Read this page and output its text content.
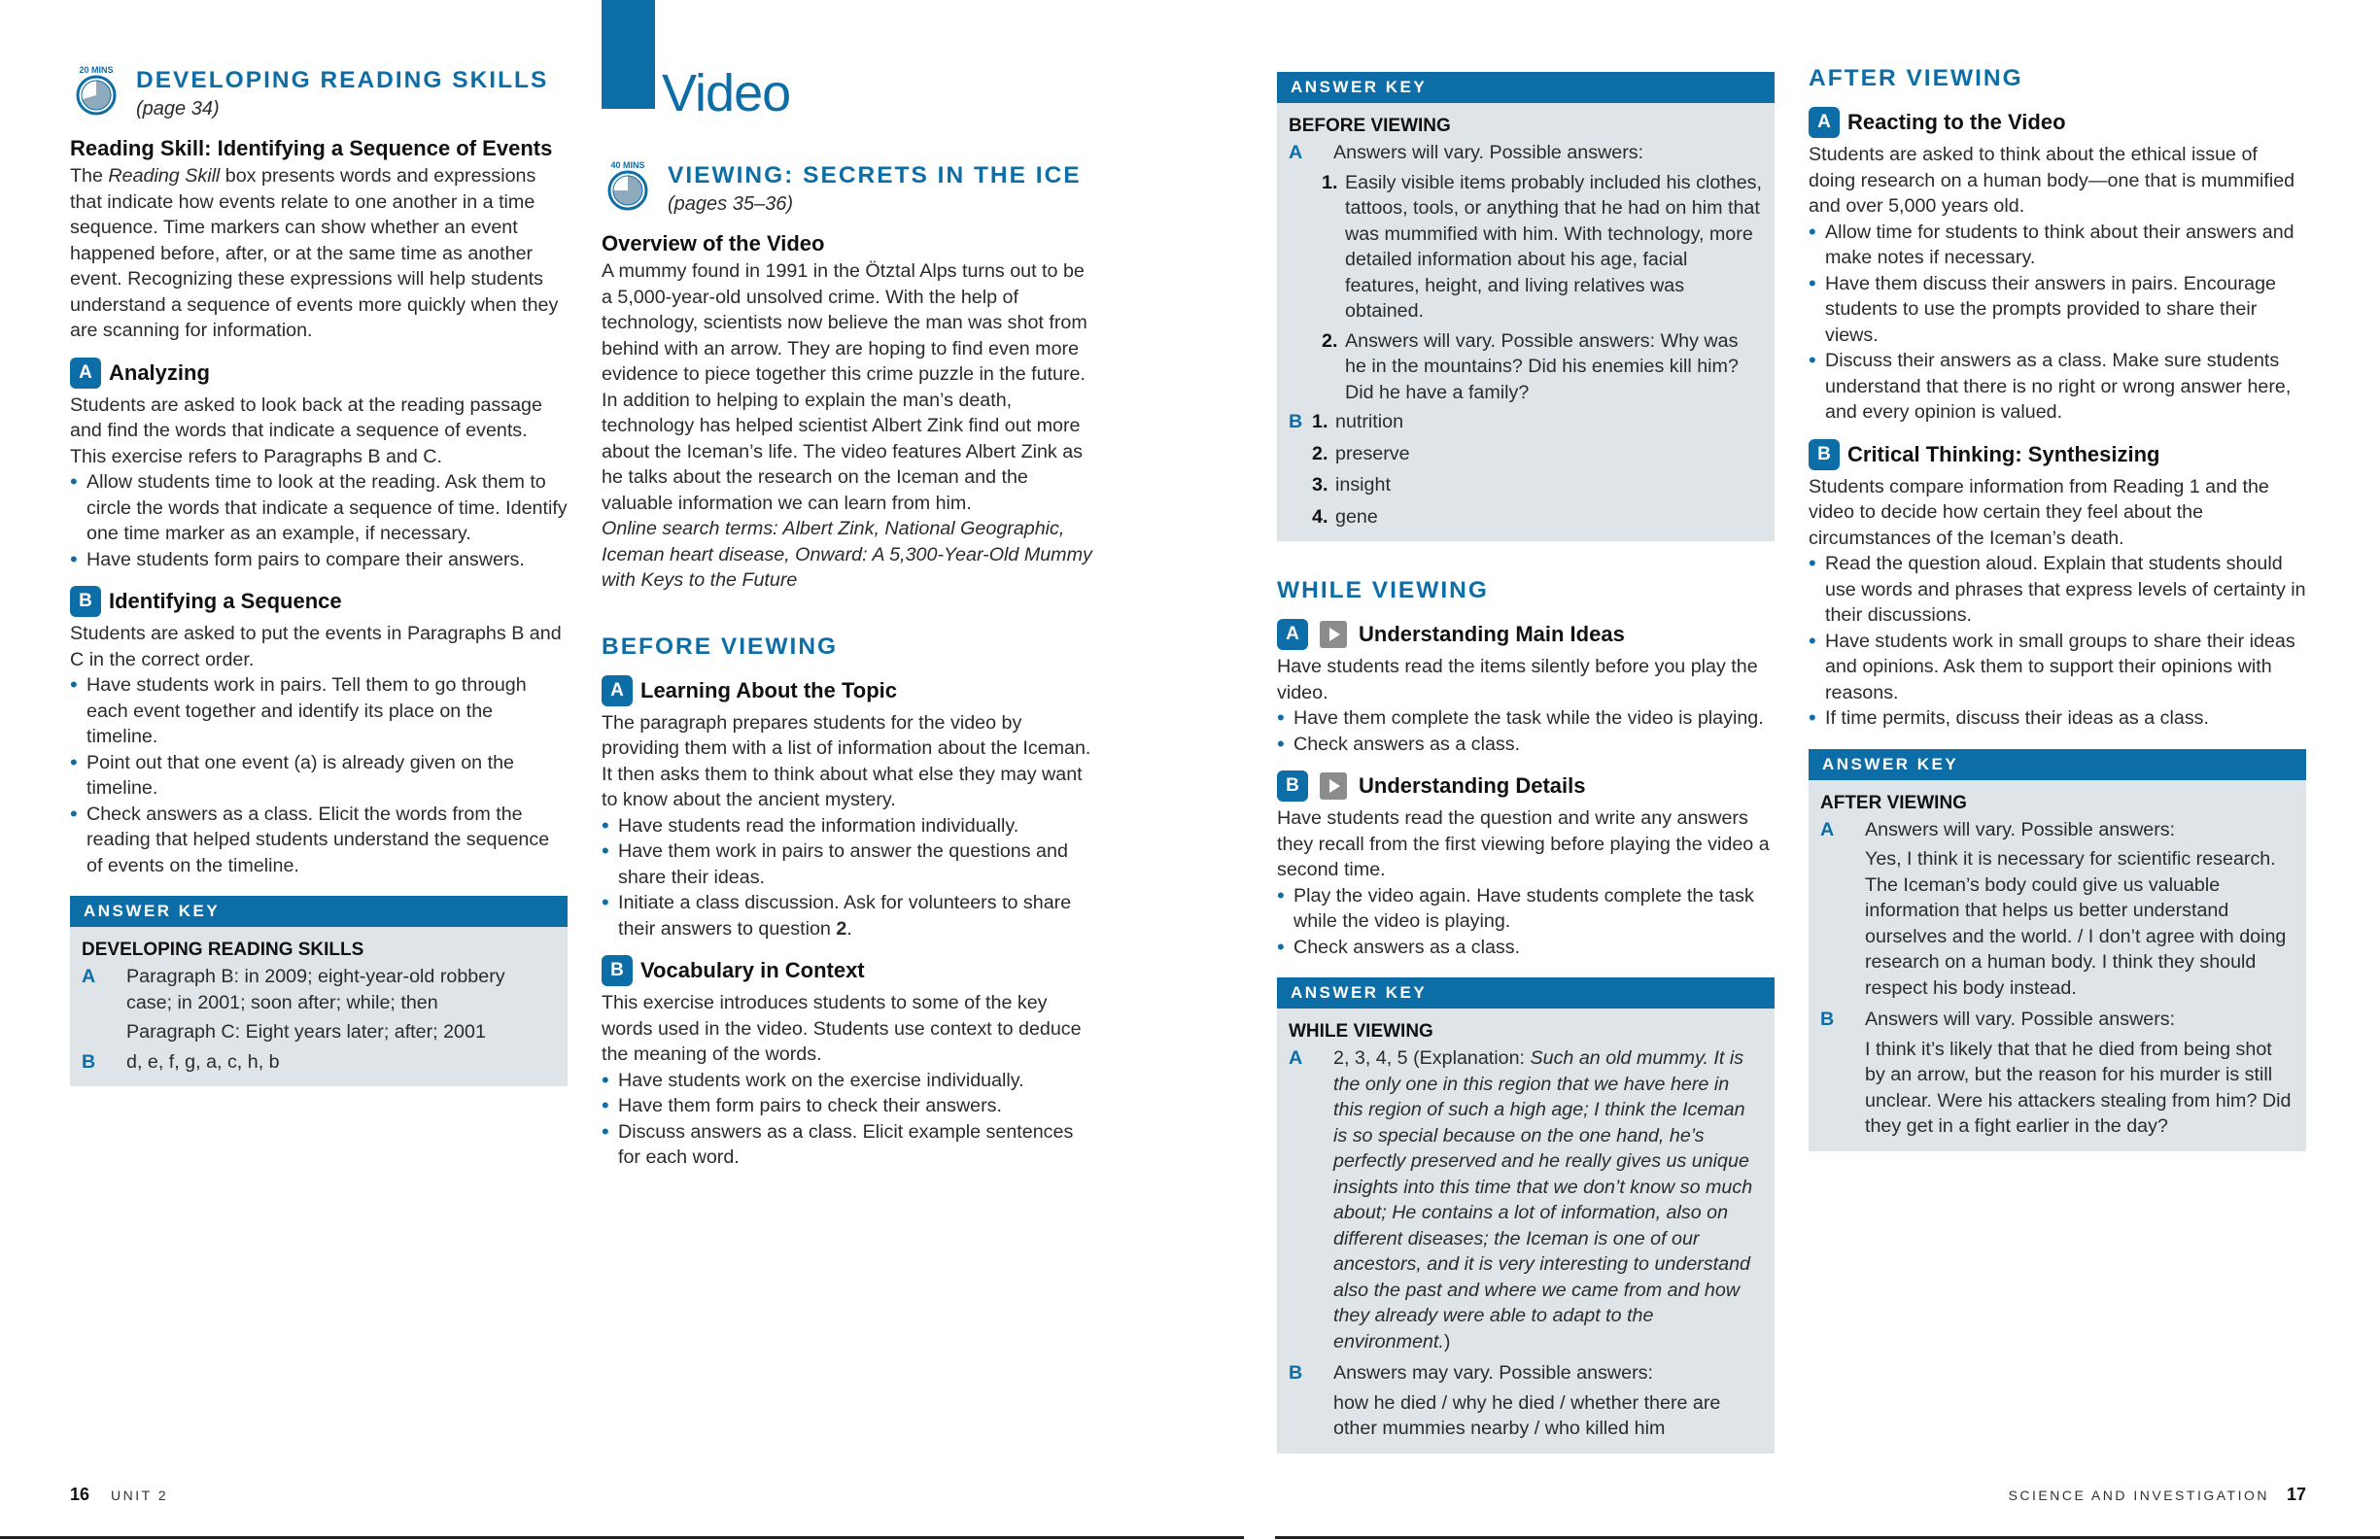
20 MINS DEVELOPING READING SKILLS
(page 34)
Reading Skill: Identifying a Sequence of Events

The Reading Skill box presents words and expressions that indicate how events relate to one another in a time sequence. Time markers can show whether an event happened before, after, or at the same time as another event. Recognizing these expressions will help students understand a sequence of events more quickly when they are scanning for information.

A Analyzing

Students are asked to look back at the reading passage and find the words that indicate a sequence of events. This exercise refers to Paragraphs B and C.

• Allow students time to look at the reading. Ask them to circle the words that indicate a sequence of time. Identify one time marker as an example, if necessary.
• Have students form pairs to compare their answers.
B Identifying a Sequence

Students are asked to put the events in Paragraphs B and C in the correct order.

• Have students work in pairs. Tell them to go through each event together and identify its place on the timeline.
• Point out that one event (a) is already given on the timeline.
• Check answers as a class. Elicit the words from the reading that helped students understand the sequence of events on the timeline.
ANSWER KEY
DEVELOPING READING SKILLS
A	Paragraph B: in 2009; eight-year-old robbery case; in 2001; soon after; while; then
Paragraph C: Eight years later; after; 2001
B	d, e, f, g, a, c, h, b
Video
40 MINS VIEWING: SECRETS IN THE ICE
(pages 35–36)
Overview of the Video

A mummy found in 1991 in the Ötztal Alps turns out to be a 5,000-year-old unsolved crime. With the help of technology, scientists now believe the man was shot from behind with an arrow. They are hoping to find even more evidence to piece together this crime puzzle in the future. In addition to helping to explain the man’s death, technology has helped scientist Albert Zink find out more about the Iceman’s life. The video features Albert Zink as he talks about the research on the Iceman and the valuable information we can learn from him.

Online search terms: Albert Zink, National Geographic, Iceman heart disease, Onward: A 5,300-Year-Old Mummy with Keys to the Future

BEFORE VIEWING
A Learning About the Topic

The paragraph prepares students for the video by providing them with a list of information about the Iceman. It then asks them to think about what else they may want to know about the ancient mystery.

• Have students read the information individually.
• Have them work in pairs to answer the questions and share their ideas.
• Initiate a class discussion. Ask for volunteers to share their answers to question 2.
B Vocabulary in Context

This exercise introduces students to some of the key words used in the video. Students use context to deduce the meaning of the words.

• Have students work on the exercise individually.
• Have them form pairs to check their answers.
• Discuss answers as a class. Elicit example sentences for each word.
ANSWER KEY
BEFORE VIEWING
A	Answers will vary. Possible answers:
1. Easily visible items probably included his clothes, tattoos, tools, or anything that he had on him that was mummified with him. With technology, more detailed information about his age, facial features, height, and living relatives was obtained.
2. Answers will vary. Possible answers: Why was he in the mountains? Did his enemies kill him? Did he have a family?
B 1. nutrition
2. preserve
3. insight
4. gene
WHILE VIEWING
A	Understanding Main Ideas

Have students read the items silently before you play the video.

• Have them complete the task while the video is playing.
• Check answers as a class.
B	Understanding Details

Have students read the question and write any answers they recall from the first viewing before playing the video a second time.

• Play the video again. Have students complete the task while the video is playing.
• Check answers as a class.
ANSWER KEY
WHILE VIEWING
A	2, 3, 4, 5 (Explanation: Such an old mummy. It is the only one in this region that we have here in this region of such a high age; I think the Iceman is so special because on the one hand, he’s perfectly preserved and he really gives us unique insights into this time that we don’t know so much about; He contains a lot of information, also on different diseases; the Iceman is one of our ancestors, and it is very interesting to understand also the past and where we came from and how they already were able to adapt to the environment.)
B	Answers may vary. Possible answers:
how he died / why he died / whether there are other mummies nearby / who killed him
AFTER VIEWING
A Reacting to the Video

Students are asked to think about the ethical issue of doing research on a human body—one that is mummified and over 5,000 years old.

• Allow time for students to think about their answers and make notes if necessary.
• Have them discuss their answers in pairs. Encourage students to use the prompts provided to share their views.
• Discuss their answers as a class. Make sure students understand that there is no right or wrong answer here, and every opinion is valued.
B Critical Thinking: Synthesizing

Students compare information from Reading 1 and the video to decide how certain they feel about the circumstances of the Iceman’s death.

• Read the question aloud. Explain that students should use words and phrases that express levels of certainty in their discussions.
• Have students work in small groups to share their ideas and opinions. Ask them to support their opinions with reasons.
• If time permits, discuss their ideas as a class.
ANSWER KEY
AFTER VIEWING
A	Answers will vary. Possible answers:
Yes, I think it is necessary for scientific research. The Iceman’s body could give us valuable information that helps us better understand ourselves and the world. / I don’t agree with doing research on a human body. I think they should respect his body instead.
B	Answers will vary. Possible answers:
I think it’s likely that that he died from being shot by an arrow, but the reason for his murder is still unclear. Were his attackers stealing from him? Did they get in a fight earlier in the day?
16 UNIT 2	SCIENCE AND INVESTIGATION 17
